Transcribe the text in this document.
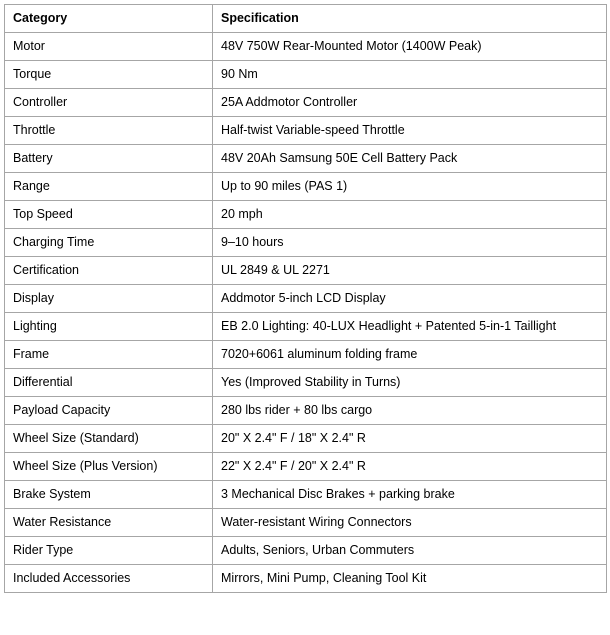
Category	Specification
Motor	48V 750W Rear-Mounted Motor (1400W Peak)
Torque	90 Nm
Controller	25A Addmotor Controller
Throttle	Half-twist Variable-speed Throttle
Battery	48V 20Ah Samsung 50E Cell Battery Pack
Range	Up to 90 miles (PAS 1)
Top Speed	20 mph
Charging Time	9–10 hours
Certification	UL 2849 & UL 2271
Display	Addmotor 5-inch LCD Display
Lighting	EB 2.0 Lighting: 40-LUX Headlight + Patented 5-in-1 Taillight
Frame	7020+6061 aluminum folding frame
Differential	Yes (Improved Stability in Turns)
Payload Capacity	280 lbs rider + 80 lbs cargo
Wheel Size (Standard)	20" X 2.4" F / 18" X 2.4" R
Wheel Size (Plus Version)	22" X 2.4" F / 20" X 2.4" R
Brake System	3 Mechanical Disc Brakes + parking brake
Water Resistance	Water-resistant Wiring Connectors
Rider Type	Adults, Seniors, Urban Commuters
Included Accessories	Mirrors, Mini Pump, Cleaning Tool Kit
